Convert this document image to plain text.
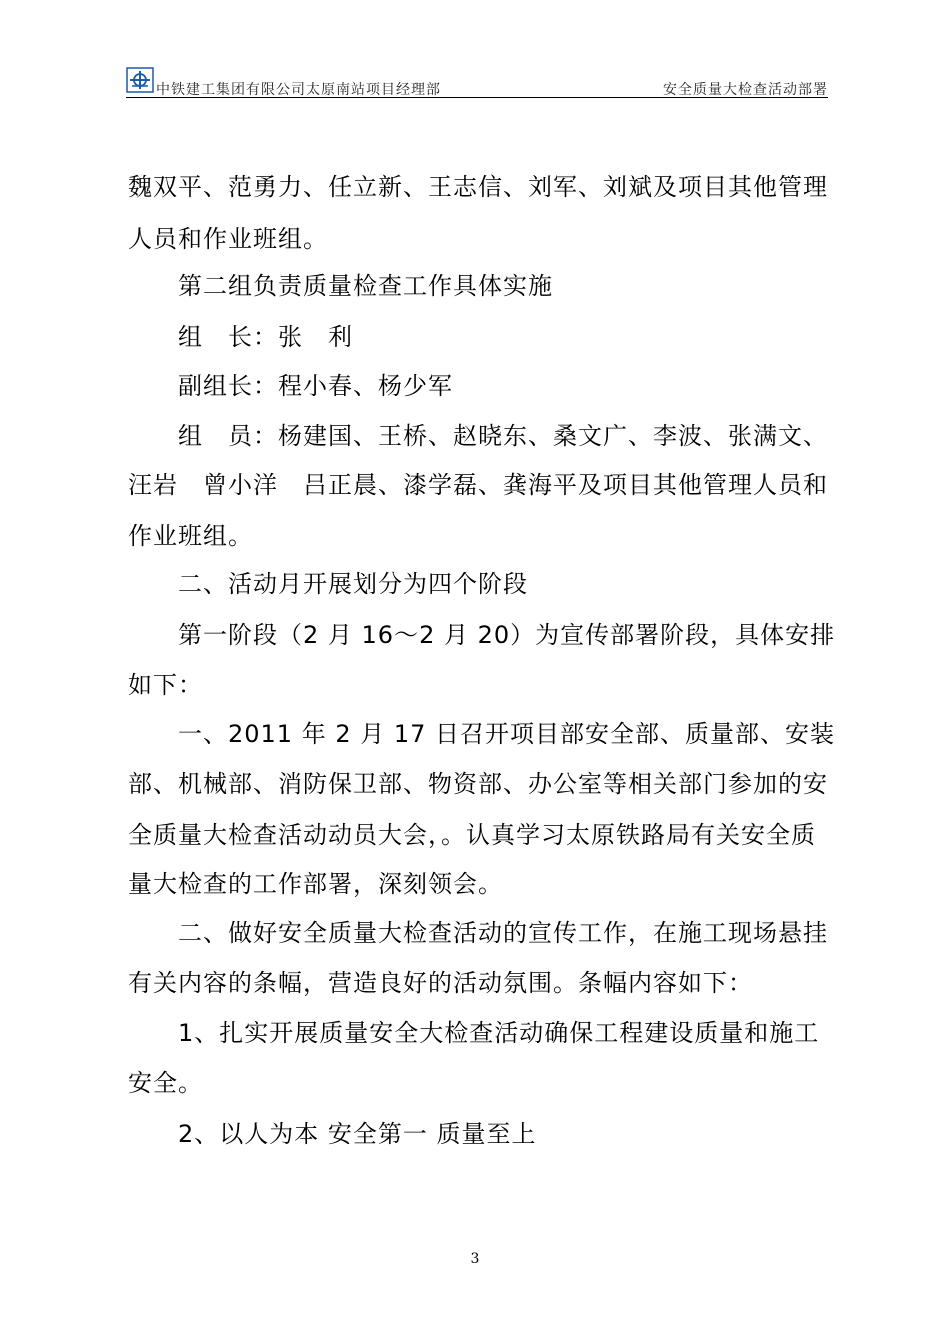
中铁建工集团有限公司太原南站项目经理部	安全质量大检查活动部署
魏双平、范勇力、任立新、王志信、刘军、刘斌及项目其他管理
人员和作业班组。
第二组负责质量检查工作具体实施
组　长：张　利
副组长：程小春、杨少军
组　员：杨建国、王桥、赵晓东、桑文广、李波、张满文、
汪岩　曾小洋　吕正晨、漆学磊、龚海平及项目其他管理人员和
作业班组。
二、活动月开展划分为四个阶段
第一阶段（2 月 16～2 月 20）为宣传部署阶段，具体安排
如下：
一、2011 年 2 月 17 日召开项目部安全部、质量部、安装
部、机械部、消防保卫部、物资部、办公室等相关部门参加的安
全质量大检查活动动员大会，。认真学习太原铁路局有关安全质
量大检查的工作部署，深刻领会。
二、做好安全质量大检查活动的宣传工作，在施工现场悬挂
有关内容的条幅，营造良好的活动氛围。条幅内容如下：
1、扎实开展质量安全大检查活动确保工程建设质量和施工
安全。
2、以人为本 安全第一 质量至上
3
